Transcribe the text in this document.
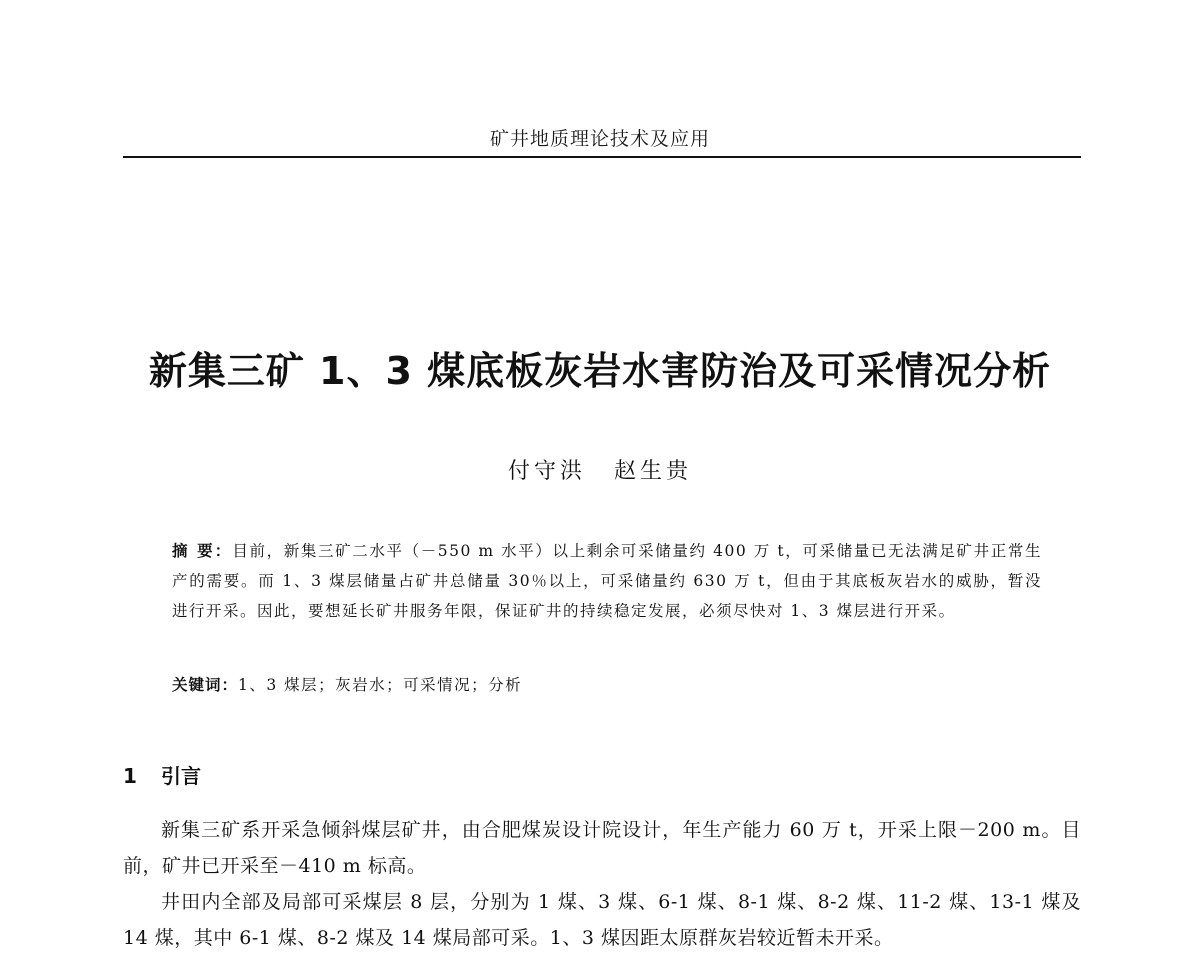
矿井地质理论技术及应用
新集三矿 1、3 煤底板灰岩水害防治及可采情况分析
付守洪 赵生贵
摘 要：目前，新集三矿二水平（－550 m 水平）以上剩余可采储量约 400 万 t，可采储量已无法满足矿井正常生产的需要。而 1、3 煤层储量占矿井总储量 30％以上，可采储量约 630 万 t，但由于其底板灰岩水的威胁，暂没进行开采。因此，要想延长矿井服务年限，保证矿井的持续稳定发展，必须尽快对 1、3 煤层进行开采。
关键词：1、3 煤层；灰岩水；可采情况；分析
1 引言

新集三矿系开采急倾斜煤层矿井，由合肥煤炭设计院设计，年生产能力 60 万 t，开采上限－200 m。目前，矿井已开采至－410 m 标高。

井田内全部及局部可采煤层 8 层，分别为 1 煤、3 煤、6-1 煤、8-1 煤、8-2 煤、11-2 煤、13-1 煤及 14 煤，其中 6-1 煤、8-2 煤及 14 煤局部可采。1、3 煤因距太原群灰岩较近暂未开采。
